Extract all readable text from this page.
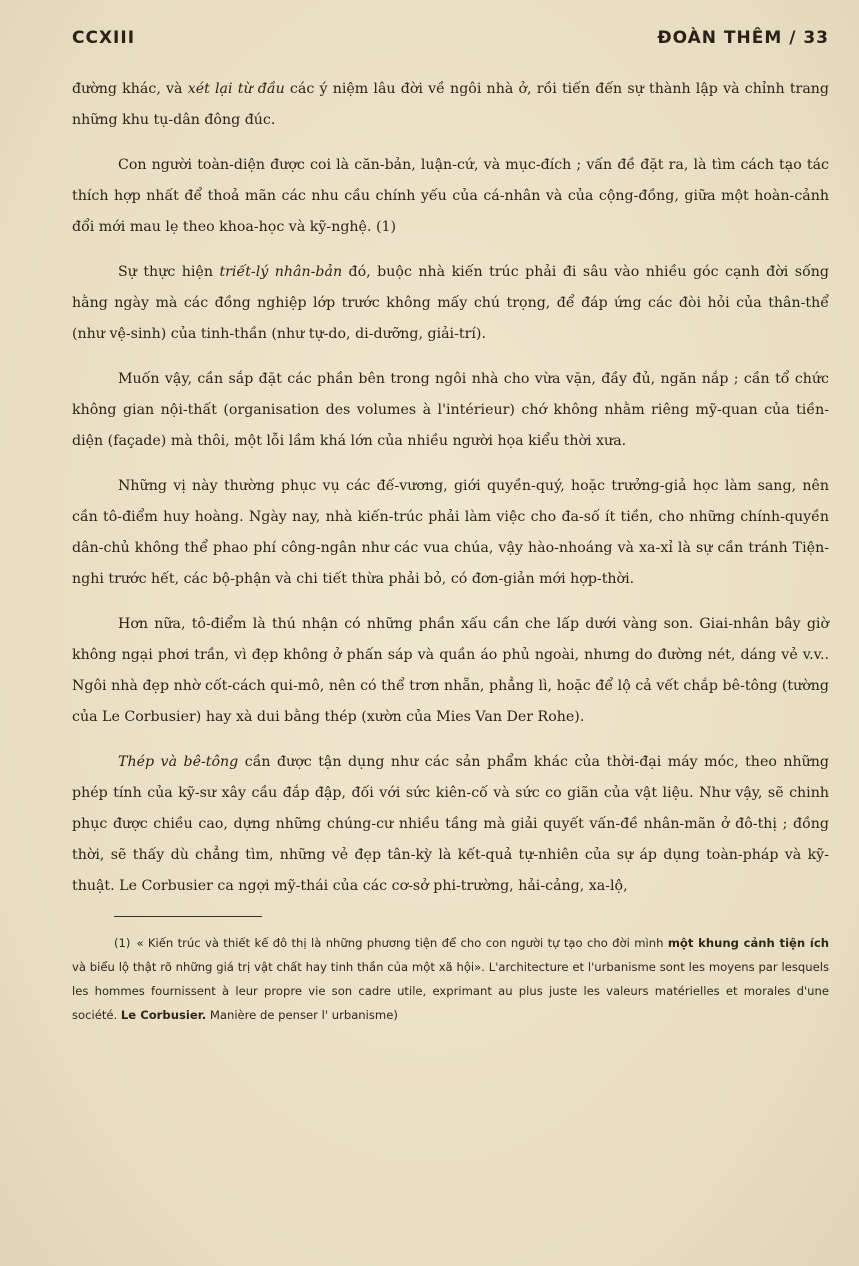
CCXIII	ĐOÀN THÊM / 33

đường khác, và xét lại từ đầu các ý niệm lâu đời về ngôi nhà ở, rồi tiến đến sự thành lập và chỉnh trang những khu tụ-dân đông đúc.

Con người toàn-diện được coi là căn-bản, luận-cứ, và mục-đích ; vấn đề đặt ra, là tìm cách tạo tác thích hợp nhất để thoả mãn các nhu cầu chính yếu của cá-nhân và của cộng-đồng, giữa một hoàn-cảnh đổi mới mau lẹ theo khoa-học và kỹ-nghệ. (1)

Sự thực hiện triết-lý nhân-bản đó, buộc nhà kiến trúc phải đi sâu vào nhiều góc cạnh đời sống hằng ngày mà các đồng nghiệp lớp trước không mấy chú trọng, để đáp ứng các đòi hỏi của thân-thể (như vệ-sinh) của tinh-thần (như tự-do, di-dưỡng, giải-trí).

Muốn vậy, cần sắp đặt các phần bên trong ngôi nhà cho vừa vặn, đầy đủ, ngăn nắp ; cần tổ chức không gian nội-thất (organisation des volumes à l'intérieur) chớ không nhằm riêng mỹ-quan của tiền-diện (façade) mà thôi, một lỗi lầm khá lớn của nhiều người họa kiểu thời xưa.

Những vị này thường phục vụ các đế-vương, giới quyền-quý, hoặc trưởng-giả học làm sang, nên cần tô-điểm huy hoàng. Ngày nay, nhà kiến-trúc phải làm việc cho đa-số ít tiền, cho những chính-quyền dân-chủ không thể phao phí công-ngân như các vua chúa, vậy hào-nhoáng và xa-xỉ là sự cần tránh Tiện-nghi trước hết, các bộ-phận và chi tiết thừa phải bỏ, có đơn-giản mới hợp-thời.

Hơn nữa, tô-điểm là thú nhận có những phần xấu cần che lấp dưới vàng son. Giai-nhân bây giờ không ngại phơi trần, vì đẹp không ở phấn sáp và quần áo phủ ngoài, nhưng do đường nét, dáng vẻ v.v.. Ngôi nhà đẹp nhờ cốt-cách qui-mô, nên có thể trơn nhẵn, phẳng lì, hoặc để lộ cả vết chắp bê-tông (tường của Le Corbusier) hay xà dui bằng thép (xườn của Mies Van Der Rohe).

Thép và bê-tông cần được tận dụng như các sản phẩm khác của thời-đại máy móc, theo những phép tính của kỹ-sư xây cầu đắp đập, đối với sức kiên-cố và sức co giãn của vật liệu. Như vậy, sẽ chinh phục được chiều cao, dựng những chúng-cư nhiều tầng mà giải quyết vấn-đề nhân-mãn ở đô-thị ; đồng thời, sẽ thấy dù chẳng tìm, những vẻ đẹp tân-kỳ là kết-quả tự-nhiên của sự áp dụng toàn-pháp và kỹ-thuật. Le Corbusier ca ngợi mỹ-thái của các cơ-sở phi-trường, hải-cảng, xa-lộ,

(1) « Kiến trúc và thiết kế đô thị là những phương tiện để cho con người tự tạo cho đời mình một khung cảnh tiện ích và biểu lộ thật rõ những giá trị vật chất hay tinh thần của một xã hội». L'architecture et l'urbanisme sont les moyens par lesquels les hommes fournissent à leur propre vie son cadre utile, exprimant au plus juste les valeurs matérielles et morales d'une société. Le Corbusier. Manière de penser l' urbanisme)
